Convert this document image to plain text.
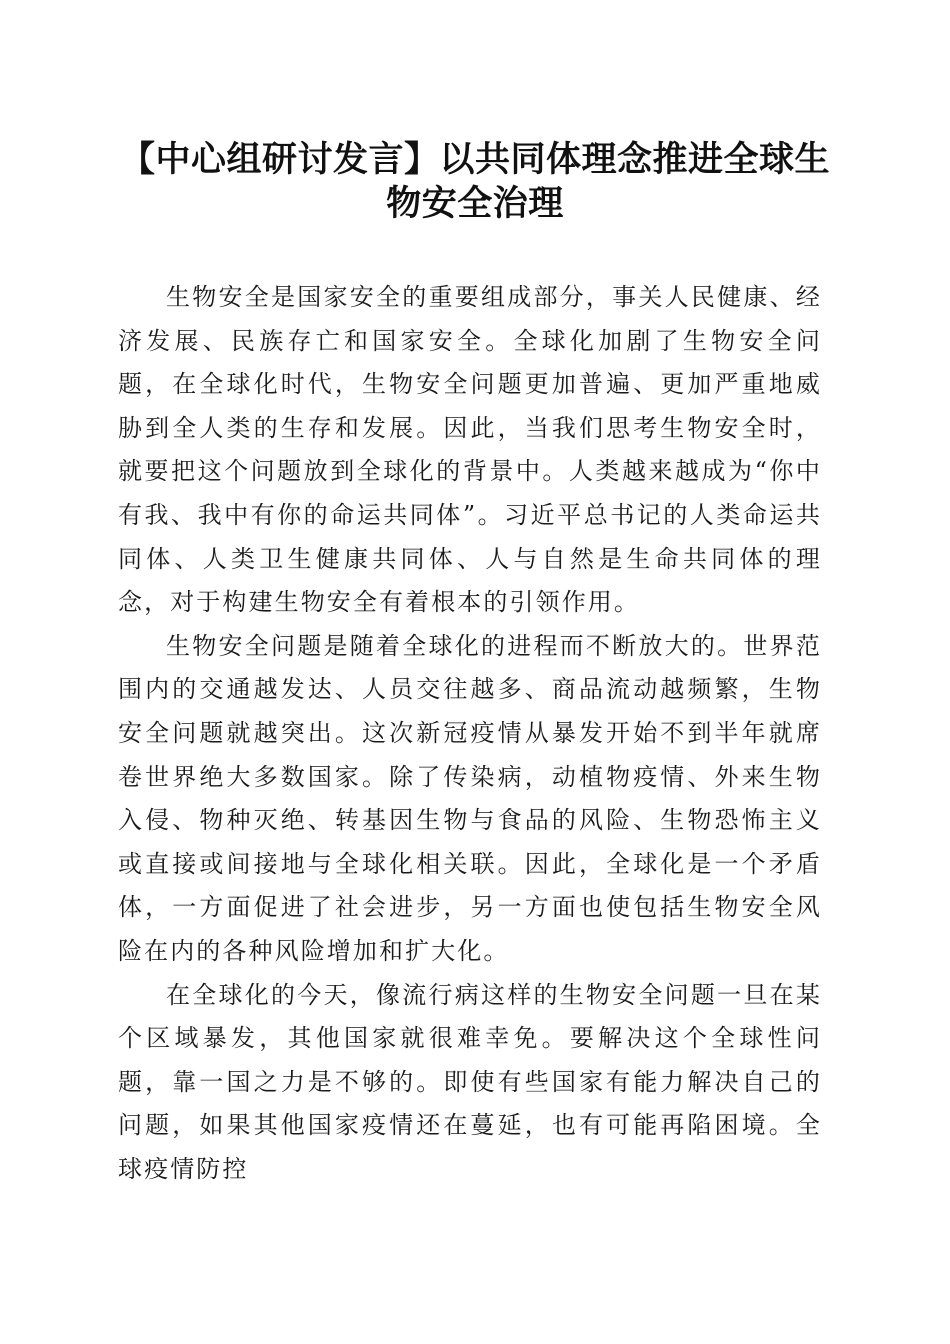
【中心组研讨发言】以共同体理念推进全球生物安全治理

生物安全是国家安全的重要组成部分，事关人民健康、经济发展、民族存亡和国家安全。全球化加剧了生物安全问题，在全球化时代，生物安全问题更加普遍、更加严重地威胁到全人类的生存和发展。因此，当我们思考生物安全时，就要把这个问题放到全球化的背景中。人类越来越成为“你中有我、我中有你的命运共同体”。习近平总书记的人类命运共同体、人类卫生健康共同体、人与自然是生命共同体的理念，对于构建生物安全有着根本的引领作用。

生物安全问题是随着全球化的进程而不断放大的。世界范围内的交通越发达、人员交往越多、商品流动越频繁，生物安全问题就越突出。这次新冠疫情从暴发开始不到半年就席卷世界绝大多数国家。除了传染病，动植物疫情、外来生物入侵、物种灭绝、转基因生物与食品的风险、生物恐怖主义或直接或间接地与全球化相关联。因此，全球化是一个矛盾体，一方面促进了社会进步，另一方面也使包括生物安全风险在内的各种风险增加和扩大化。

在全球化的今天，像流行病这样的生物安全问题一旦在某个区域暴发，其他国家就很难幸免。要解决这个全球性问题，靠一国之力是不够的。即使有些国家有能力解决自己的问题，如果其他国家疫情还在蔓延，也有可能再陷困境。全球疫情防控
